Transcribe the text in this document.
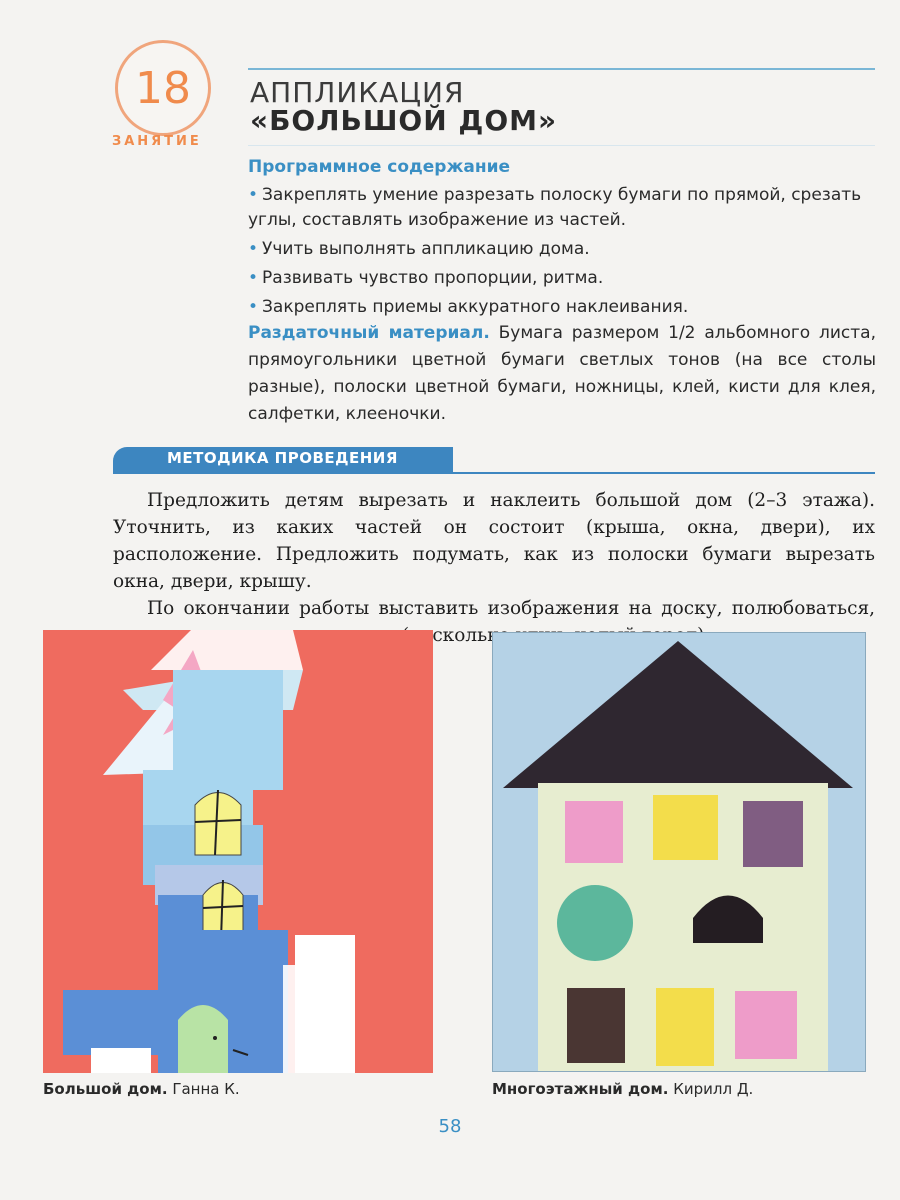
18
ЗАНЯТИЕ
АППЛИКАЦИЯ
«БОЛЬШОЙ ДОМ»
Программное содержание
• Закреплять умение разрезать полоску бумаги по прямой, срезать углы, составлять изображение из частей.
• Учить выполнять аппликацию дома.
• Развивать чувство пропорции, ритма.
• Закреплять приемы аккуратного наклеивания.
Раздаточный материал. Бумага размером 1/2 альбомного листа, прямоугольники цветной бумаги светлых тонов (на все столы разные), полоски цветной бумаги, ножницы, клей, кисти для клея, салфетки, клееночки.
МЕТОДИКА ПРОВЕДЕНИЯ

Предложить детям вырезать и наклеить большой дом (2–3 этажа). Уточнить, из каких частей он состоит (крыша, окна, двери), их расположение. Предложить подумать, как из полоски бумаги вырезать окна, двери, крышу.

По окончании работы выставить изображения на доску, полюбоваться, (несколько

Большой дом. Ганна К.	Многоэтажный дом. Кирилл Д.
58
